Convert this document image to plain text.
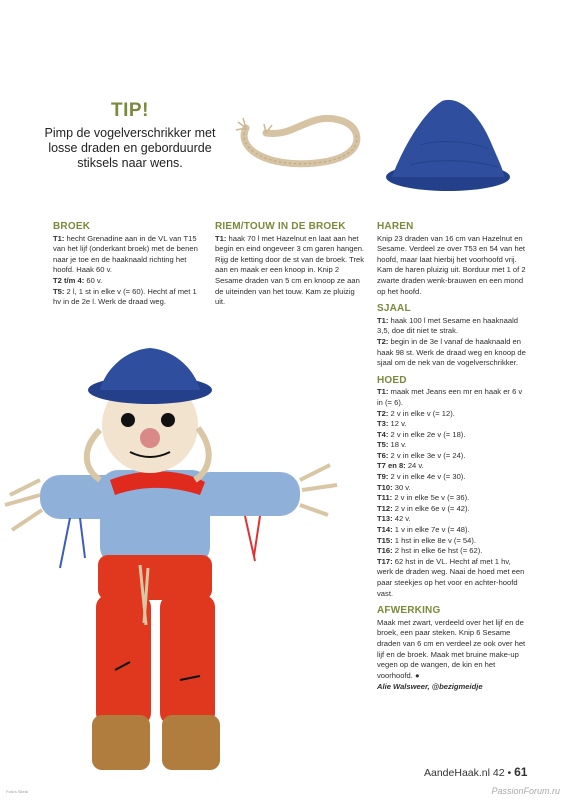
TIP!

Pimp de vogelverschrikker met losse draden en geborduurde stiksels naar wens.

BROEK

T1: hecht Grenadine aan in de VL van T15 van het lijf (onderkant broek) met de benen naar je toe en de haaknaald richting het hoofd. Haak 60 v.

T2 t/m 4: 60 v.

T5: 2 l, 1 st in elke v (= 60). Hecht af met 1 hv in de 2e l. Werk de draad weg.

RIEM/TOUW IN DE BROEK

T1: haak 70 l met Hazelnut en laat aan het begin en eind ongeveer 3 cm garen hangen. Rijg de ketting door de st van de broek. Trek aan en maak er een knoop in. Knip 2 Sesame draden van 5 cm en knoop ze aan de uiteinden van het touw. Kam ze pluizig uit.

HAREN

Knip 23 draden van 16 cm van Hazelnut en Sesame. Verdeel ze over T53 en 54 van het hoofd, maar laat hierbij het voorhoofd vrij. Kam de haren pluizig uit. Borduur met 1 of 2 zwarte draden wenk-brauwen en een mond op het hoofd.

SJAAL

T1: haak 100 l met Sesame en haaknaald 3,5, doe dit niet te strak.

T2: begin in de 3e l vanaf de haaknaald en haak 98 st. Werk de draad weg en knoop de sjaal om de nek van de vogelverschrikker.

HOED

T1: maak met Jeans een mr en haak er 6 v in (= 6).

T2: 2 v in elke v (= 12).

T3: 12 v.

T4: 2 v in elke 2e v (= 18).

T5: 18 v.

T6: 2 v in elke 3e v (= 24).

T7 en 8: 24 v.

T9: 2 v in elke 4e v (= 30).

T10: 30 v.

T11: 2 v in elke 5e v (= 36).

T12: 2 v in elke 6e v (= 42).

T13: 42 v.

T14: 1 v in elke 7e v (= 48).

T15: 1 hst in elke 8e v (= 54).

T16: 2 hst in elke 6e hst (= 62).

T17: 62 hst in de VL. Hecht af met 1 hv, werk de draden weg. Naai de hoed met een paar steekjes op het voor en achter-hoofd vast.

AFWERKING

Maak met zwart, verdeeld over het lijf en de broek, een paar steken. Knip 6 Sesame draden van 6 cm en verdeel ze ook over het lijf en de broek. Maak met bruine make-up vegen op de wangen, de kin en het voorhoofd. ●

Alie Walsweer, @bezigmeidje

AandeHaak.nl 42 • 61
PassionForum.ru
Foto's Skela
